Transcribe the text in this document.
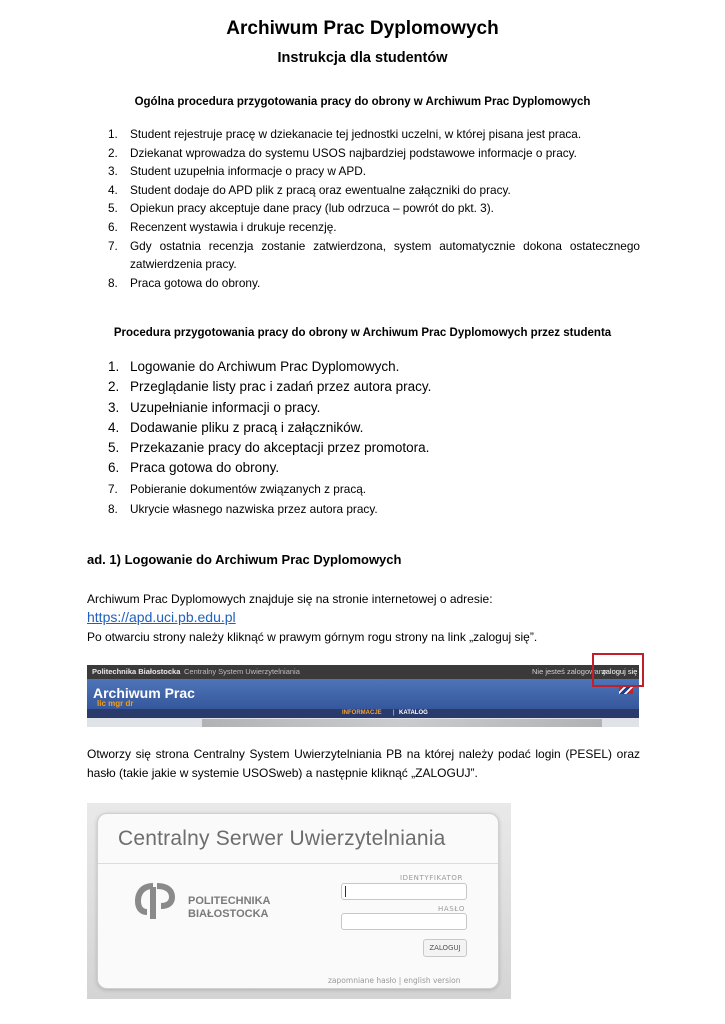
Archiwum Prac Dyplomowych
Instrukcja dla studentów
Ogólna procedura przygotowania pracy do obrony w Archiwum Prac Dyplomowych
1. Student rejestruje pracę w dziekanacie tej jednostki uczelni, w której pisana jest praca.
2. Dziekanat wprowadza do systemu USOS najbardziej podstawowe informacje o pracy.
3. Student uzupełnia informacje o pracy w APD.
4. Student dodaje do APD plik z pracą oraz ewentualne załączniki do pracy.
5. Opiekun pracy akceptuje dane pracy (lub odrzuca – powrót do pkt. 3).
6. Recenzent wystawia i drukuje recenzję.
7. Gdy ostatnia recenzja zostanie zatwierdzona, system automatycznie dokona ostatecznego zatwierdzenia pracy.
8. Praca gotowa do obrony.
Procedura przygotowania pracy do obrony w Archiwum Prac Dyplomowych przez studenta
1. Logowanie do Archiwum Prac Dyplomowych.
2. Przeglądanie listy prac i zadań przez autora pracy.
3. Uzupełnianie informacji o pracy.
4. Dodawanie pliku z pracą i załączników.
5. Przekazanie pracy do akceptacji przez promotora.
6. Praca gotowa do obrony.
7. Pobieranie dokumentów związanych z pracą.
8. Ukrycie własnego nazwiska przez autora pracy.
ad. 1) Logowanie do Archiwum Prac Dyplomowych
Archiwum Prac Dyplomowych znajduje się na stronie internetowej o adresie:
https://apd.uci.pb.edu.pl
Po otwarciu strony należy kliknąć w prawym górnym rogu strony na link „zaloguj się”.
Politechnika Białostocka Centralny System Uwierzytelniania	Nie jesteś zalogowany
zaloguj się
Archiwum Prac
lic mgr dr
INFORMACJE | KATALOG
Otworzy się strona Centralny System Uwierzytelniania PB na której należy podać login (PESEL) oraz hasło (takie jakie w systemie USOSweb) a następnie kliknąć „ZALOGUJ”.
Centralny Serwer Uwierzytelniania
POLITECHNIKA
BIAŁOSTOCKA
IDENTYFIKATOR
HASŁO
ZALOGUJ
zapomniane hasło | english version
